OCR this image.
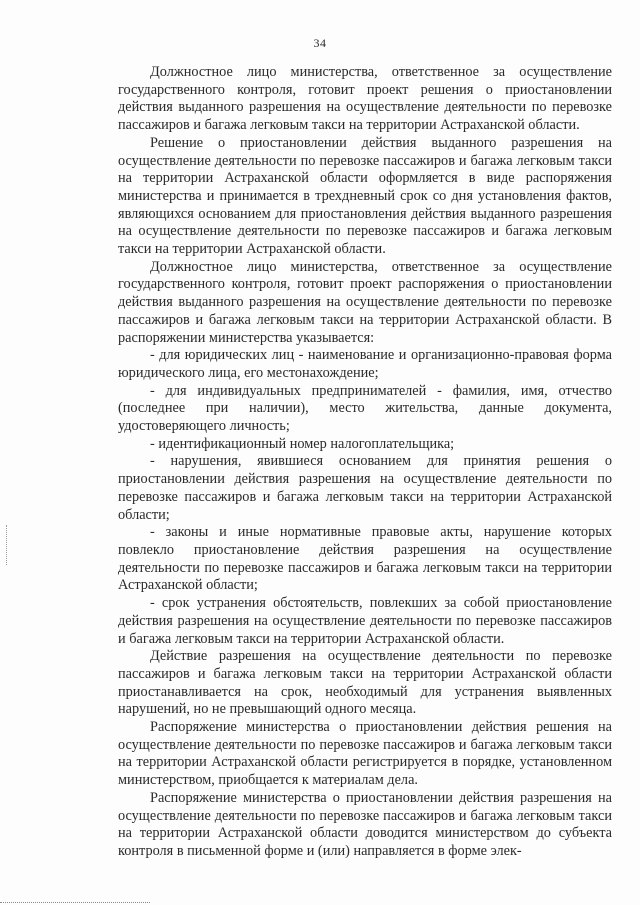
34

Должностное лицо министерства, ответственное за осуществление государственного контроля, готовит проект решения о приостановлении действия выданного разрешения на осуществление деятельности по перевозке пассажиров и багажа легковым такси на территории Астраханской области.

Решение о приостановлении действия выданного разрешения на осуществление деятельности по перевозке пассажиров и багажа легковым такси на территории Астраханской области оформляется в виде распоряжения министерства и принимается в трехдневный срок со дня установления фактов, являющихся основанием для приостановления действия выданного разрешения на осуществление деятельности по перевозке пассажиров и багажа легковым такси на территории Астраханской области.

Должностное лицо министерства, ответственное за осуществление государственного контроля, готовит проект распоряжения о приостановлении действия выданного разрешения на осуществление деятельности по перевозке пассажиров и багажа легковым такси на территории Астраханской области. В распоряжении министерства указывается:

- для юридических лиц - наименование и организационно-правовая форма юридического лица, его местонахождение;

- для индивидуальных предпринимателей - фамилия, имя, отчество (последнее при наличии), место жительства, данные документа, удостоверяющего личность;

- идентификационный номер налогоплательщика;

- нарушения, явившиеся основанием для принятия решения о приостановлении действия разрешения на осуществление деятельности по перевозке пассажиров и багажа легковым такси на территории Астраханской области;

- законы и иные нормативные правовые акты, нарушение которых повлекло приостановление действия разрешения на осуществление деятельности по перевозке пассажиров и багажа легковым такси на территории Астраханской области;

- срок устранения обстоятельств, повлекших за собой приостановление действия разрешения на осуществление деятельности по перевозке пассажиров и багажа легковым такси на территории Астраханской области.

Действие разрешения на осуществление деятельности по перевозке пассажиров и багажа легковым такси на территории Астраханской области приостанавливается на срок, необходимый для устранения выявленных нарушений, но не превышающий одного месяца.

Распоряжение министерства о приостановлении действия решения на осуществление деятельности по перевозке пассажиров и багажа легковым такси на территории Астраханской области регистрируется в порядке, установленном министерством, приобщается к материалам дела.

Распоряжение министерства о приостановлении действия разрешения на осуществление деятельности по перевозке пассажиров и багажа легковым такси на территории Астраханской области доводится министерством до субъекта контроля в письменной форме и (или) направляется в форме элек-
